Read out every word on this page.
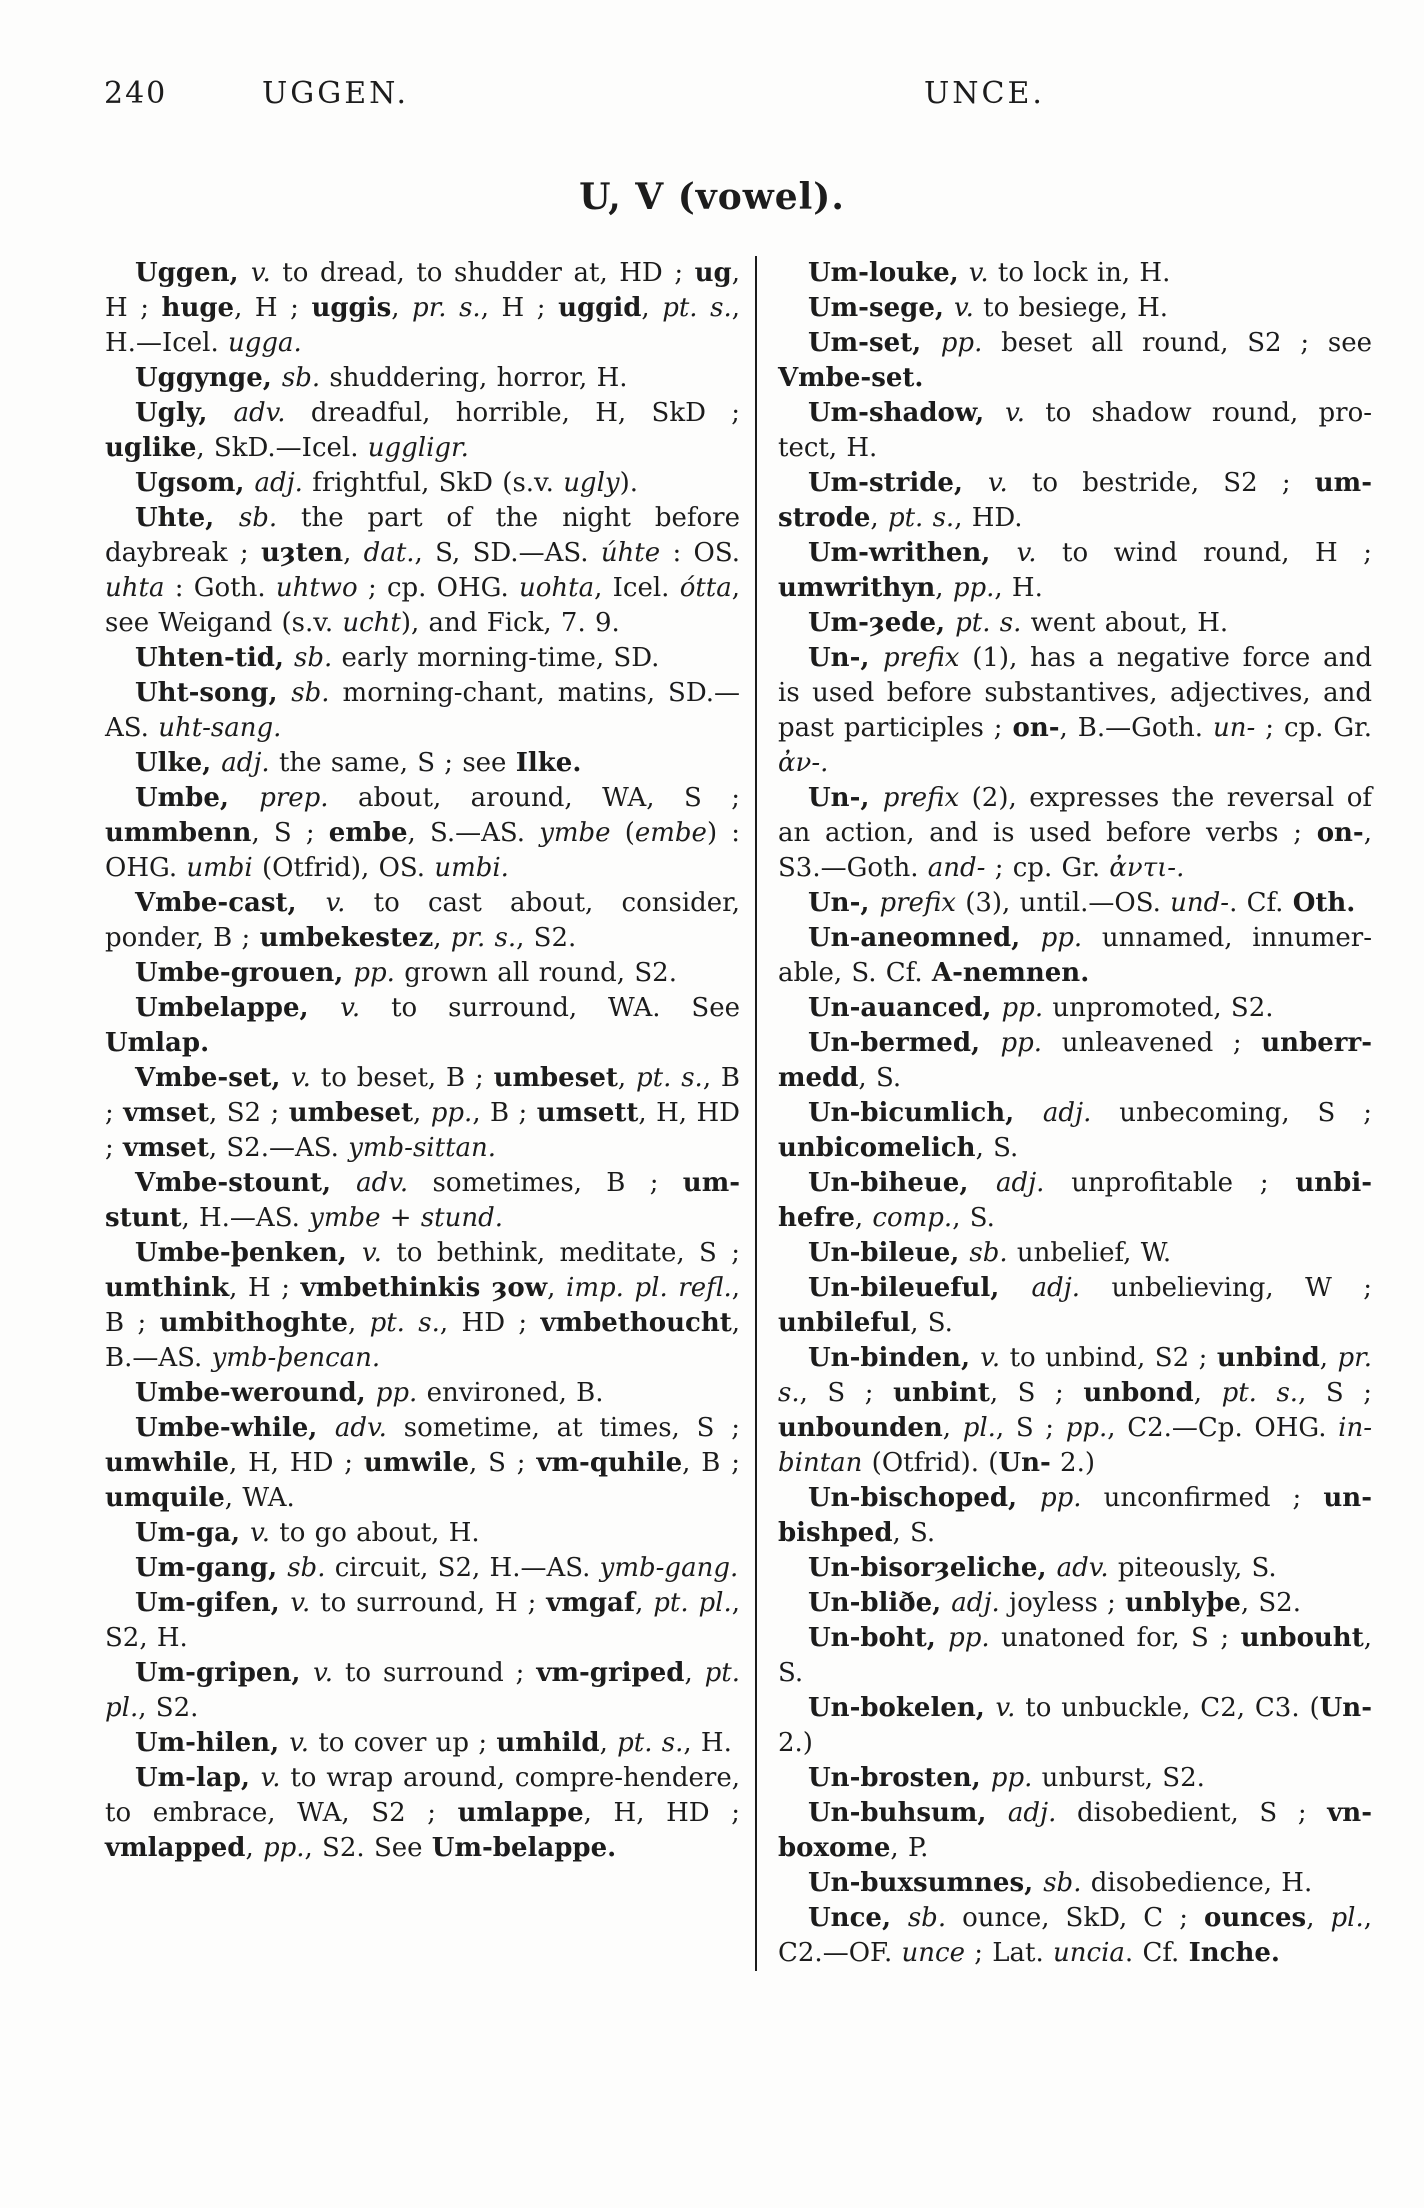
240	UGGEN.	UNCE.
U, V (vowel).

Uggen, v. to dread, to shudder at, HD ; ug, H ; huge, H ; uggis, pr. s., H ; uggid, pt. s., H.—Icel. ugga.

Uggynge, sb. shuddering, horror, H.

Ugly, adv. dreadful, horrible, H, SkD ; uglike, SkD.—Icel. uggligr.

Ugsom, adj. frightful, SkD (s.v. ugly).

Uhte, sb. the part of the night before daybreak ; uȝten, dat., S, SD.—AS. úhte : OS. uhta : Goth. uhtwo ; cp. OHG. uohta, Icel. ótta, see Weigand (s.v. ucht), and Fick, 7. 9.

Uhten-tid, sb. early morning-time, SD.

Uht-song, sb. morning-chant, matins, SD.—AS. uht-sang.

Ulke, adj. the same, S ; see Ilke.

Umbe, prep. about, around, WA, S ; ummbenn, S ; embe, S.—AS. ymbe (embe) : OHG. umbi (Otfrid), OS. umbi.

Vmbe-cast, v. to cast about, consider, ponder, B ; umbekestez, pr. s., S2.

Umbe-grouen, pp. grown all round, S2.

Umbelappe, v. to surround, WA. See Umlap.

Vmbe-set, v. to beset, B ; umbeset, pt. s., B ; vmset, S2 ; umbeset, pp., B ; umsett, H, HD ; vmset, S2.—AS. ymb-sittan.

Vmbe-stount, adv. sometimes, B ; um-stunt, H.—AS. ymbe + stund.

Umbe-þenken, v. to bethink, meditate, S ; umthink, H ; vmbethinkis ȝow, imp. pl. refl., B ; umbithoghte, pt. s., HD ; vmbethoucht, B.—AS. ymb-þencan.

Umbe-weround, pp. environed, B.

Umbe-while, adv. sometime, at times, S ; umwhile, H, HD ; umwile, S ; vm-quhile, B ; umquile, WA.

Um-ga, v. to go about, H.

Um-gang, sb. circuit, S2, H.—AS. ymb-gang.

Um-gifen, v. to surround, H ; vmgaf, pt. pl., S2, H.

Um-gripen, v. to surround ; vm-griped, pt. pl., S2.

Um-hilen, v. to cover up ; umhild, pt. s., H.

Um-lap, v. to wrap around, compre-hendere, to embrace, WA, S2 ; umlappe, H, HD ; vmlapped, pp., S2. See Um-belappe.

Um-louke, v. to lock in, H.

Um-sege, v. to besiege, H.

Um-set, pp. beset all round, S2 ; see Vmbe-set.

Um-shadow, v. to shadow round, pro-tect, H.

Um-stride, v. to bestride, S2 ; um-strode, pt. s., HD.

Um-writhen, v. to wind round, H ; umwrithyn, pp., H.

Um-ȝede, pt. s. went about, H.

Un-, prefix (1), has a negative force and is used before substantives, adjectives, and past participles ; on-, B.—Goth. un- ; cp. Gr. ἀν-.

Un-, prefix (2), expresses the reversal of an action, and is used before verbs ; on-, S3.—Goth. and- ; cp. Gr. ἀντι-.

Un-, prefix (3), until.—OS. und-. Cf. Oth.

Un-aneomned, pp. unnamed, innumer-able, S. Cf. A-nemnen.

Un-auanced, pp. unpromoted, S2.

Un-bermed, pp. unleavened ; unberr-medd, S.

Un-bicumlich, adj. unbecoming, S ; unbicomelich, S.

Un-biheue, adj. unprofitable ; unbi-hefre, comp., S.

Un-bileue, sb. unbelief, W.

Un-bileueful, adj. unbelieving, W ; unbileful, S.

Un-binden, v. to unbind, S2 ; unbind, pr. s., S ; unbint, S ; unbond, pt. s., S ; unbounden, pl., S ; pp., C2.—Cp. OHG. in-bintan (Otfrid). (Un- 2.)

Un-bischoped, pp. unconfirmed ; un-bishped, S.

Un-bisorȝeliche, adv. piteously, S.

Un-bliðe, adj. joyless ; unblyþe, S2.

Un-boht, pp. unatoned for, S ; unbouht, S.

Un-bokelen, v. to unbuckle, C2, C3. (Un- 2.)

Un-brosten, pp. unburst, S2.

Un-buhsum, adj. disobedient, S ; vn-boxome, P.

Un-buxsumnes, sb. disobedience, H.

Unce, sb. ounce, SkD, C ; ounces, pl., C2.—OF. unce ; Lat. uncia. Cf. Inche.
